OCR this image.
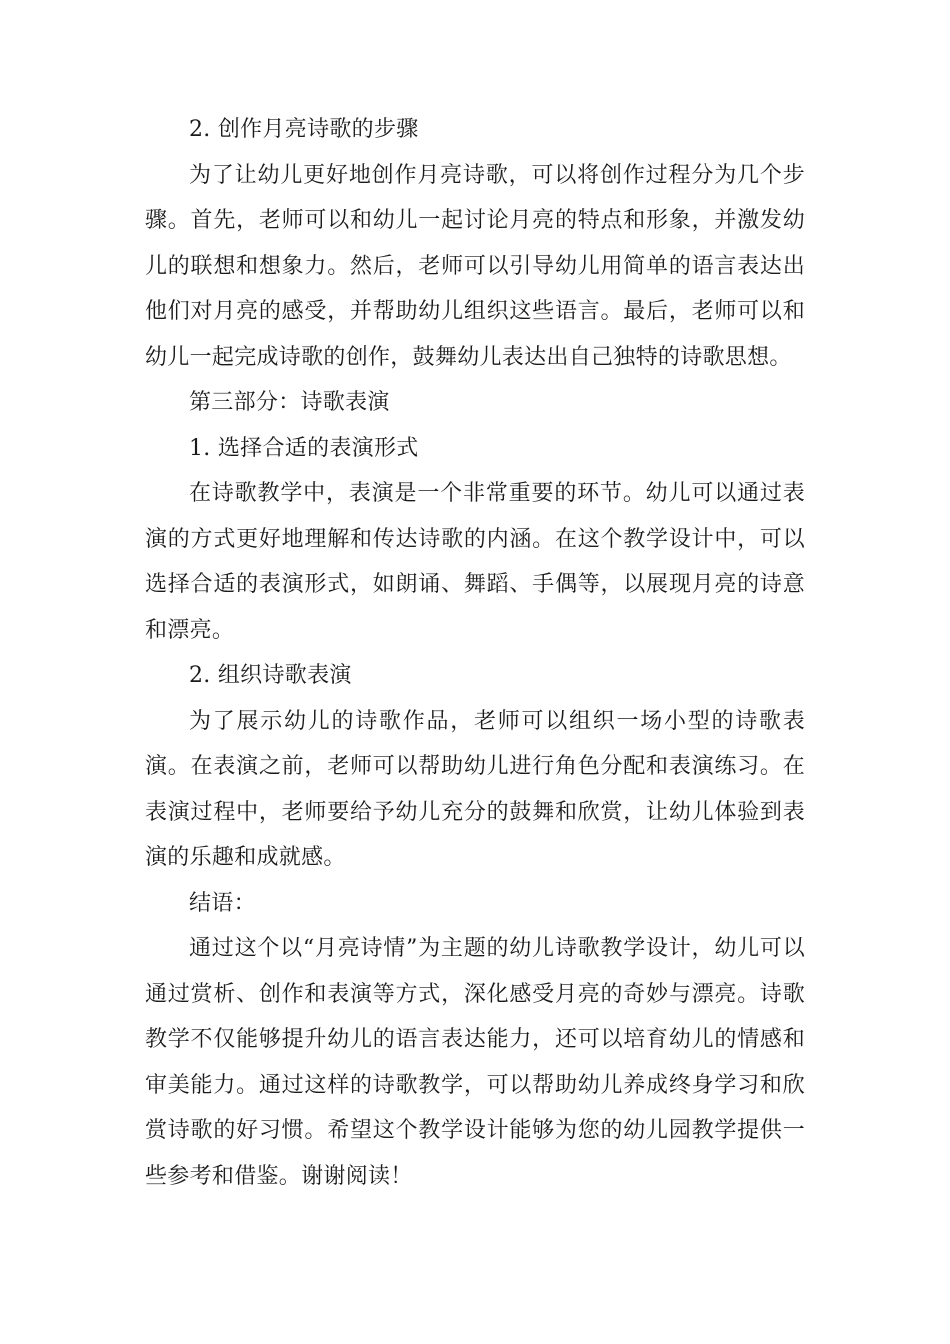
2. 创作月亮诗歌的步骤

为了让幼儿更好地创作月亮诗歌，可以将创作过程分为几个步骤。首先，老师可以和幼儿一起讨论月亮的特点和形象，并激发幼儿的联想和想象力。然后，老师可以引导幼儿用简单的语言表达出他们对月亮的感受，并帮助幼儿组织这些语言。最后，老师可以和幼儿一起完成诗歌的创作，鼓舞幼儿表达出自己独特的诗歌思想。

第三部分：诗歌表演

1. 选择合适的表演形式

在诗歌教学中，表演是一个非常重要的环节。幼儿可以通过表演的方式更好地理解和传达诗歌的内涵。在这个教学设计中，可以选择合适的表演形式，如朗诵、舞蹈、手偶等，以展现月亮的诗意和漂亮。

2. 组织诗歌表演

为了展示幼儿的诗歌作品，老师可以组织一场小型的诗歌表演。在表演之前，老师可以帮助幼儿进行角色分配和表演练习。在表演过程中，老师要给予幼儿充分的鼓舞和欣赏，让幼儿体验到表演的乐趣和成就感。

结语：

通过这个以“月亮诗情”为主题的幼儿诗歌教学设计，幼儿可以通过赏析、创作和表演等方式，深化感受月亮的奇妙与漂亮。诗歌教学不仅能够提升幼儿的语言表达能力，还可以培育幼儿的情感和审美能力。通过这样的诗歌教学，可以帮助幼儿养成终身学习和欣赏诗歌的好习惯。希望这个教学设计能够为您的幼儿园教学提供一些参考和借鉴。谢谢阅读！
